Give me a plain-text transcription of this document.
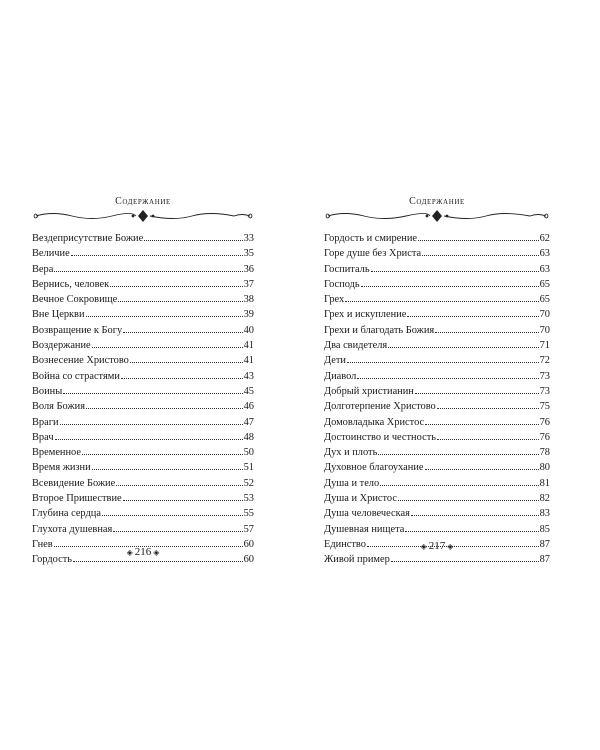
Содержание
Вездеприсутствие Божие	33
Величие	35
Вера	36
Вернись, человек	37
Вечное Сокровище	38
Вне Церкви	39
Возвращение к Богу	40
Воздержание	41
Вознесение Христово	41
Война со страстями	43
Воины	45
Воля Божия	46
Враги	47
Врач	48
Временное	50
Время жизни	51
Всевидение Божие	52
Второе Пришествие	53
Глубина сердца	55
Глухота душевная	57
Гнев	60
Гордость	60
◈ 216 ◈
Содержание
Гордость и смирение	62
Горе душе без Христа	63
Госпиталь	63
Господь	65
Грех	65
Грех и искупление	70
Грехи и благодать Божия	70
Два свидетеля	71
Дети	72
Диавол	73
Добрый христианин	73
Долготерпение Христово	75
Домовладыка Христос	76
Достоинство и честность	76
Дух и плоть	78
Духовное благоухание	80
Душа и тело	81
Душа и Христос	82
Душа человеческая	83
Душевная нищета	85
Единство	87
Живой пример	87
◈ 217 ◈
